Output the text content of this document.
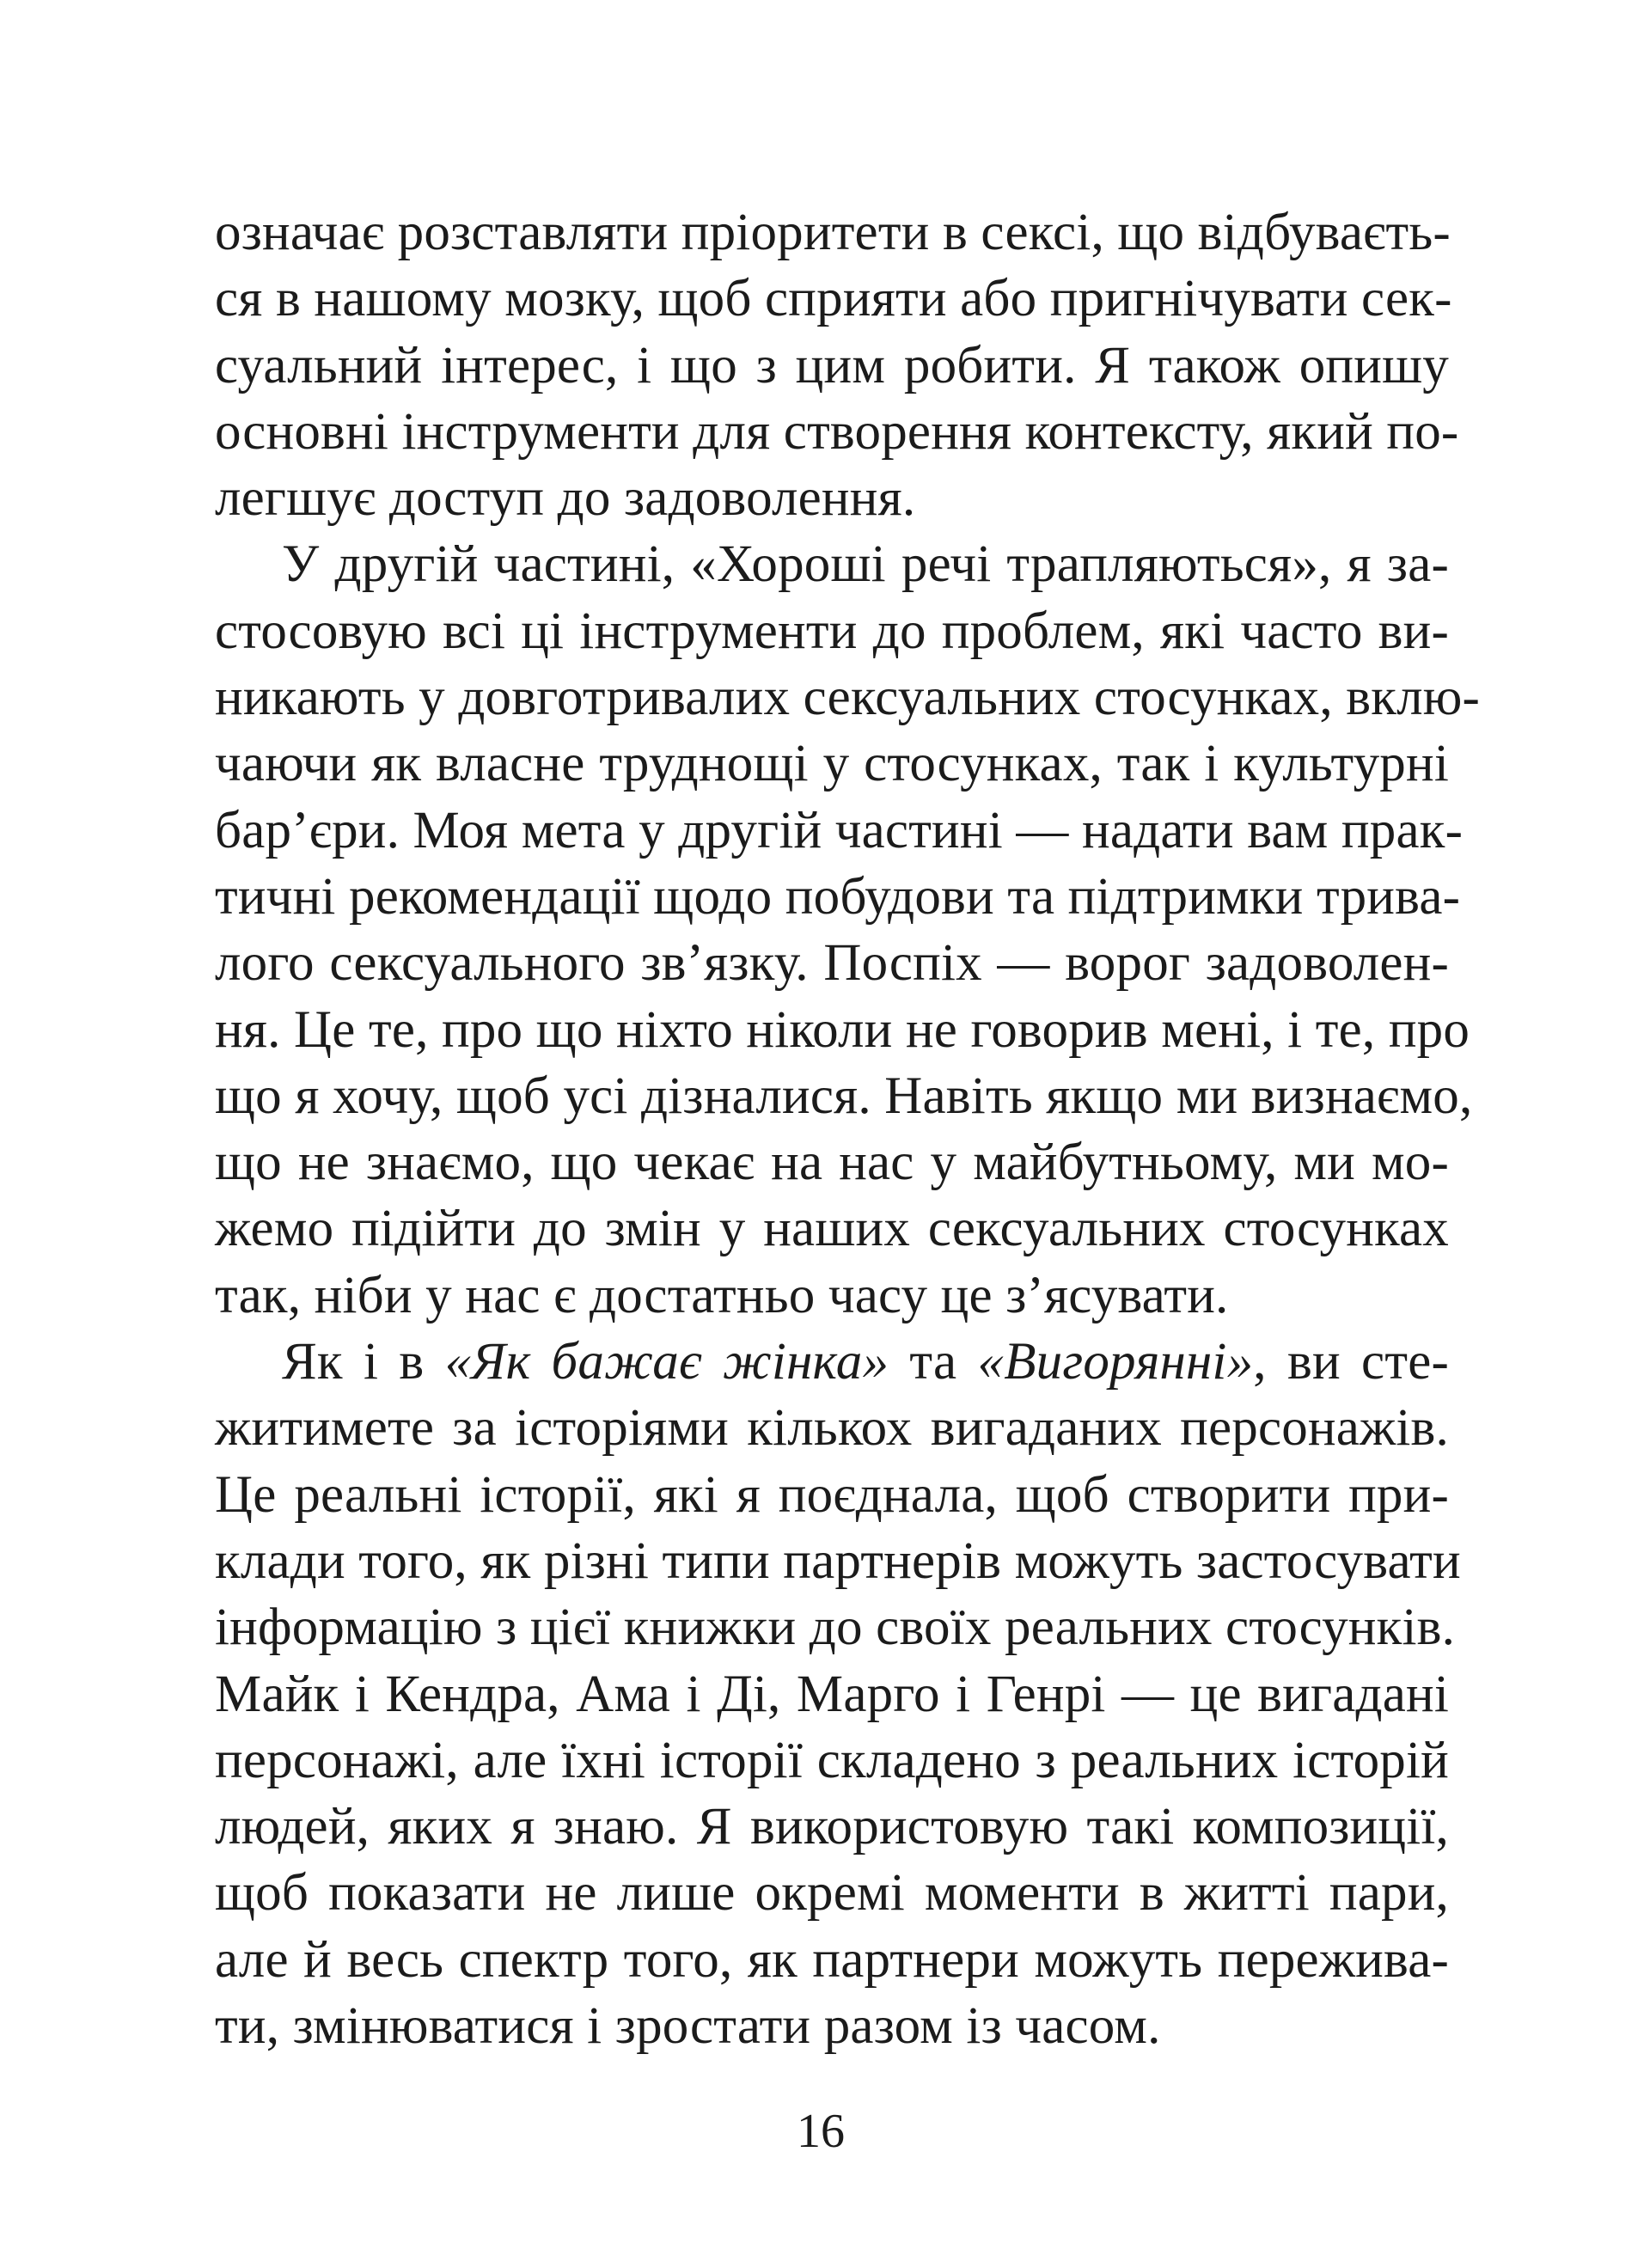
означає розставляти пріоритети в сексі, що відбуваєть-
ся в нашому мозку, щоб сприяти або пригнічувати сек-
суальний інтерес, і що з цим робити. Я також опишу
основні інструменти для створення контексту, який по-
легшує доступ до задоволення.
У другій частині, «Хороші речі трапляються», я за-
стосовую всі ці інструменти до проблем, які часто ви-
никають у довготривалих сексуальних стосунках, вклю-
чаючи як власне труднощі у стосунках, так і культурні
бар’єри. Моя мета у другій частині — надати вам прак-
тичні рекомендації щодо побудови та підтримки трива-
лого сексуального зв’язку. Поспіх — ворог задоволен-
ня. Це те, про що ніхто ніколи не говорив мені, і те, про
що я хочу, щоб усі дізналися. Навіть якщо ми визнаємо,
що не знаємо, що чекає на нас у майбутньому, ми мо-
жемо підійти до змін у наших сексуальних стосунках
так, ніби у нас є достатньо часу це з’ясувати.
Як і в «Як бажає жінка» та «Вигорянні», ви сте-
житимете за історіями кількох вигаданих персонажів.
Це реальні історії, які я поєднала, щоб створити при-
клади того, як різні типи партнерів можуть застосувати
інформацію з цієї книжки до своїх реальних стосунків.
Майк і Кендра, Ама і Ді, Марго і Генрі — це вигадані
персонажі, але їхні історії складено з реальних історій
людей, яких я знаю. Я використовую такі композиції,
щоб показати не лише окремі моменти в житті пари,
але й весь спектр того, як партнери можуть пережива-
ти, змінюватися і зростати разом із часом.
16
